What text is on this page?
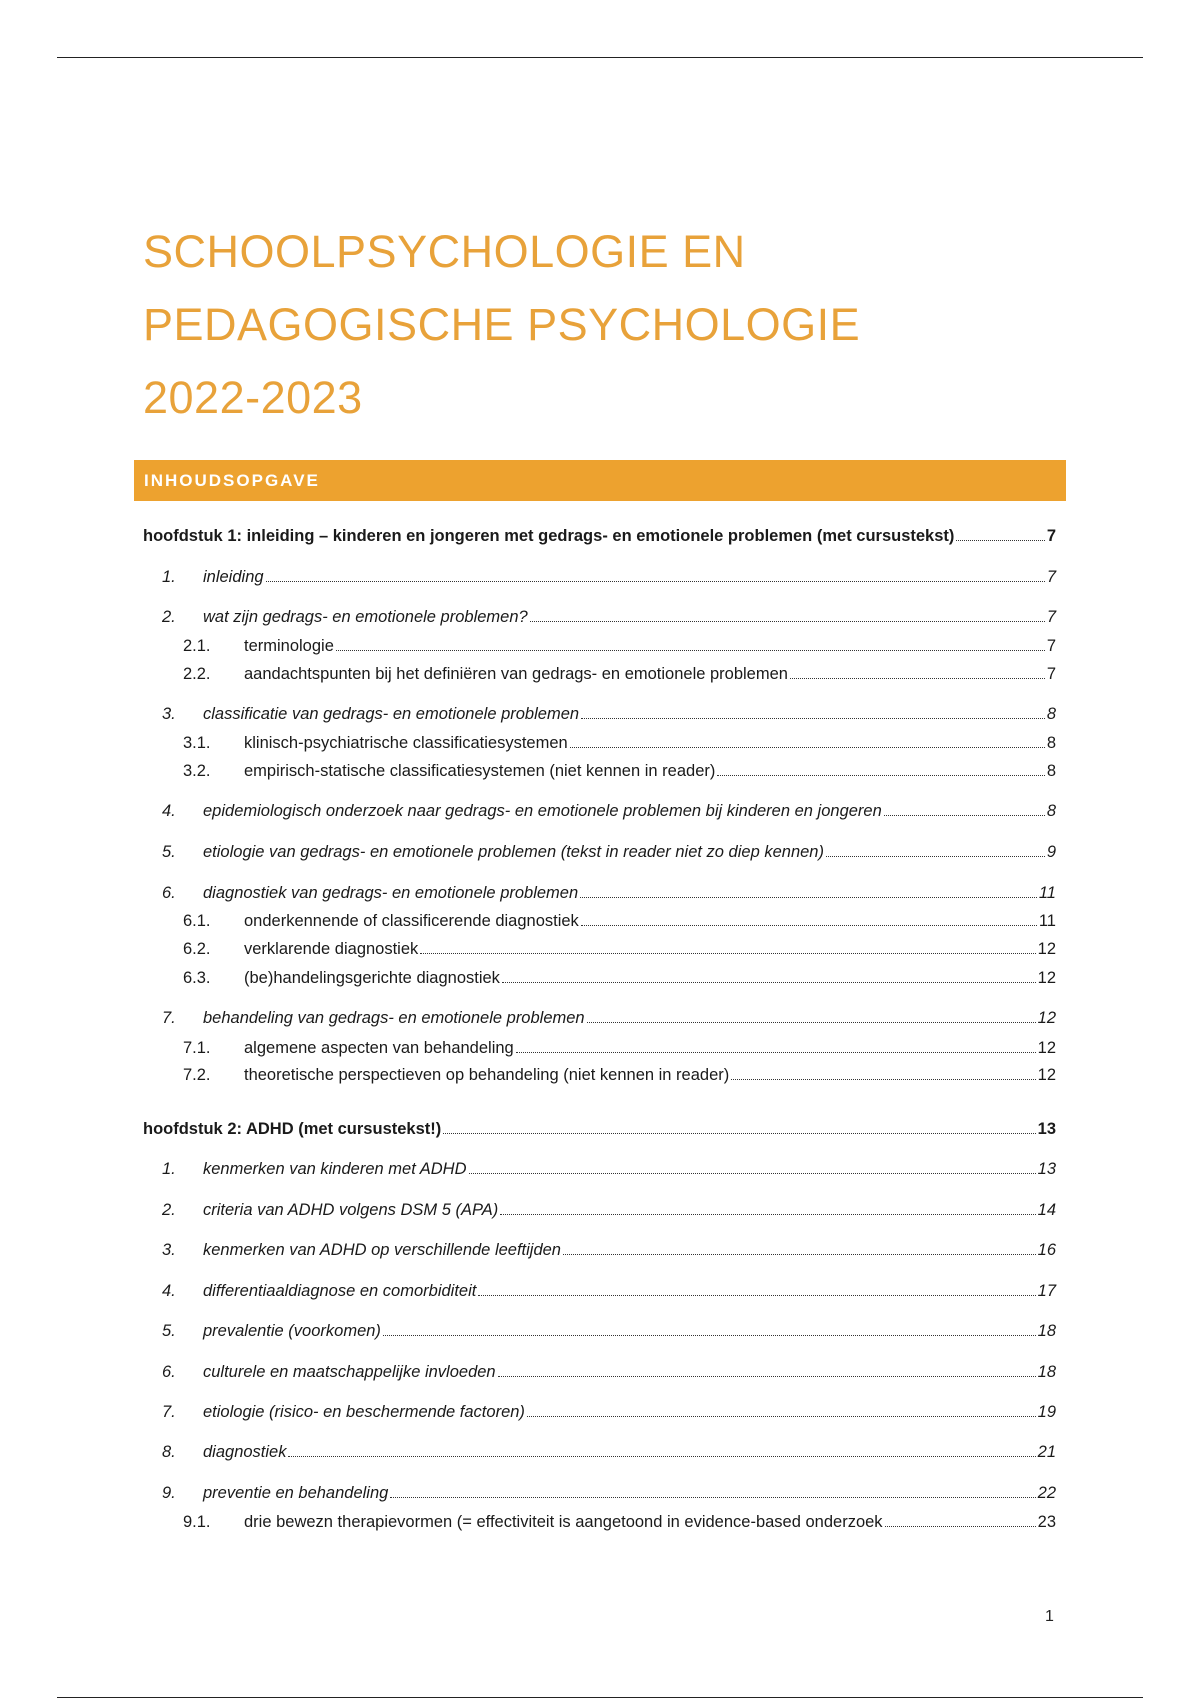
SCHOOLPSYCHOLOGIE EN
PEDAGOGISCHE PSYCHOLOGIE
2022-2023
INHOUDSOPGAVE
hoofdstuk 1: inleiding – kinderen en jongeren met gedrags- en emotionele problemen (met cursustekst)	7
1.	inleiding	7
2.	wat zijn gedrags- en emotionele problemen?	7
2.1.	terminologie	7
2.2.	aandachtspunten bij het definiëren van gedrags- en emotionele problemen	7
3.	classificatie van gedrags- en emotionele problemen	8
3.1.	klinisch-psychiatrische classificatiesystemen	8
3.2.	empirisch-statische classificatiesystemen (niet kennen in reader)	8
4.	epidemiologisch onderzoek naar gedrags- en emotionele problemen bij kinderen en jongeren	8
5.	etiologie van gedrags- en emotionele problemen (tekst in reader niet zo diep kennen)	9
6.	diagnostiek van gedrags- en emotionele problemen	11
6.1.	onderkennende of classificerende diagnostiek	11
6.2.	verklarende diagnostiek	12
6.3.	(be)handelingsgerichte diagnostiek	12
7.	behandeling van gedrags- en emotionele problemen	12
7.1.	algemene aspecten van behandeling	12
7.2.	theoretische perspectieven op behandeling (niet kennen in reader)	12
hoofdstuk 2: ADHD (met cursustekst!)	13
1.	kenmerken van kinderen met ADHD	13
2.	criteria van ADHD volgens DSM 5 (APA)	14
3.	kenmerken van ADHD op verschillende leeftijden	16
4.	differentiaaldiagnose en comorbiditeit	17
5.	prevalentie (voorkomen)	18
6.	culturele en maatschappelijke invloeden	18
7.	etiologie (risico- en beschermende factoren)	19
8.	diagnostiek	21
9.	preventie en behandeling	22
9.1.	drie bewezn therapievormen (= effectiviteit is aangetoond in evidence-based onderzoek	23
1
